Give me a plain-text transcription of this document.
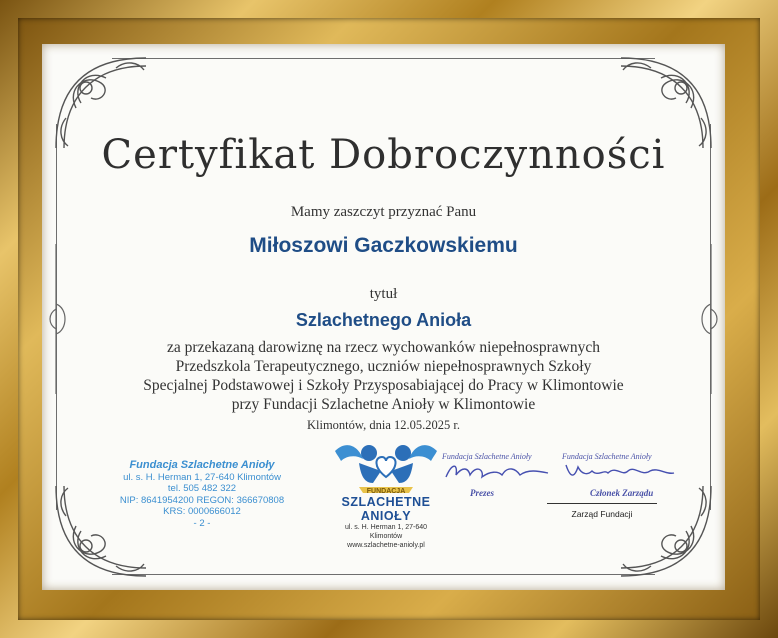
Certyfikat Dobroczynności
Mamy zaszczyt przyznać Panu
Miłoszowi Gaczkowskiemu
tytuł
Szlachetnego Anioła
za przekazaną darowiznę na rzecz wychowanków niepełnosprawnych
Przedszkola Terapeutycznego, uczniów niepełnosprawnych Szkoły
Specjalnej Podstawowej i Szkoły Przysposabiającej do Pracy w Klimontowie
przy Fundacji Szlachetne Anioły w Klimontowie
Klimontów, dnia 12.05.2025 r.
Fundacja Szlachetne Anioły
ul. s. H. Herman 1, 27-640 Klimontów
tel. 505 482 322
NIP: 8641954200 REGON: 366670808
KRS: 0000666012
- 2 -
FUNDACJA
SZLACHETNE ANIOŁY
ul. s. H. Herman 1, 27-640 Klimontów
www.szlachetne-anioly.pl
Fundacja Szlachetne Anioły
Prezes
Fundacja Szlachetne Anioły
Członek Zarządu
Zarząd Fundacji
